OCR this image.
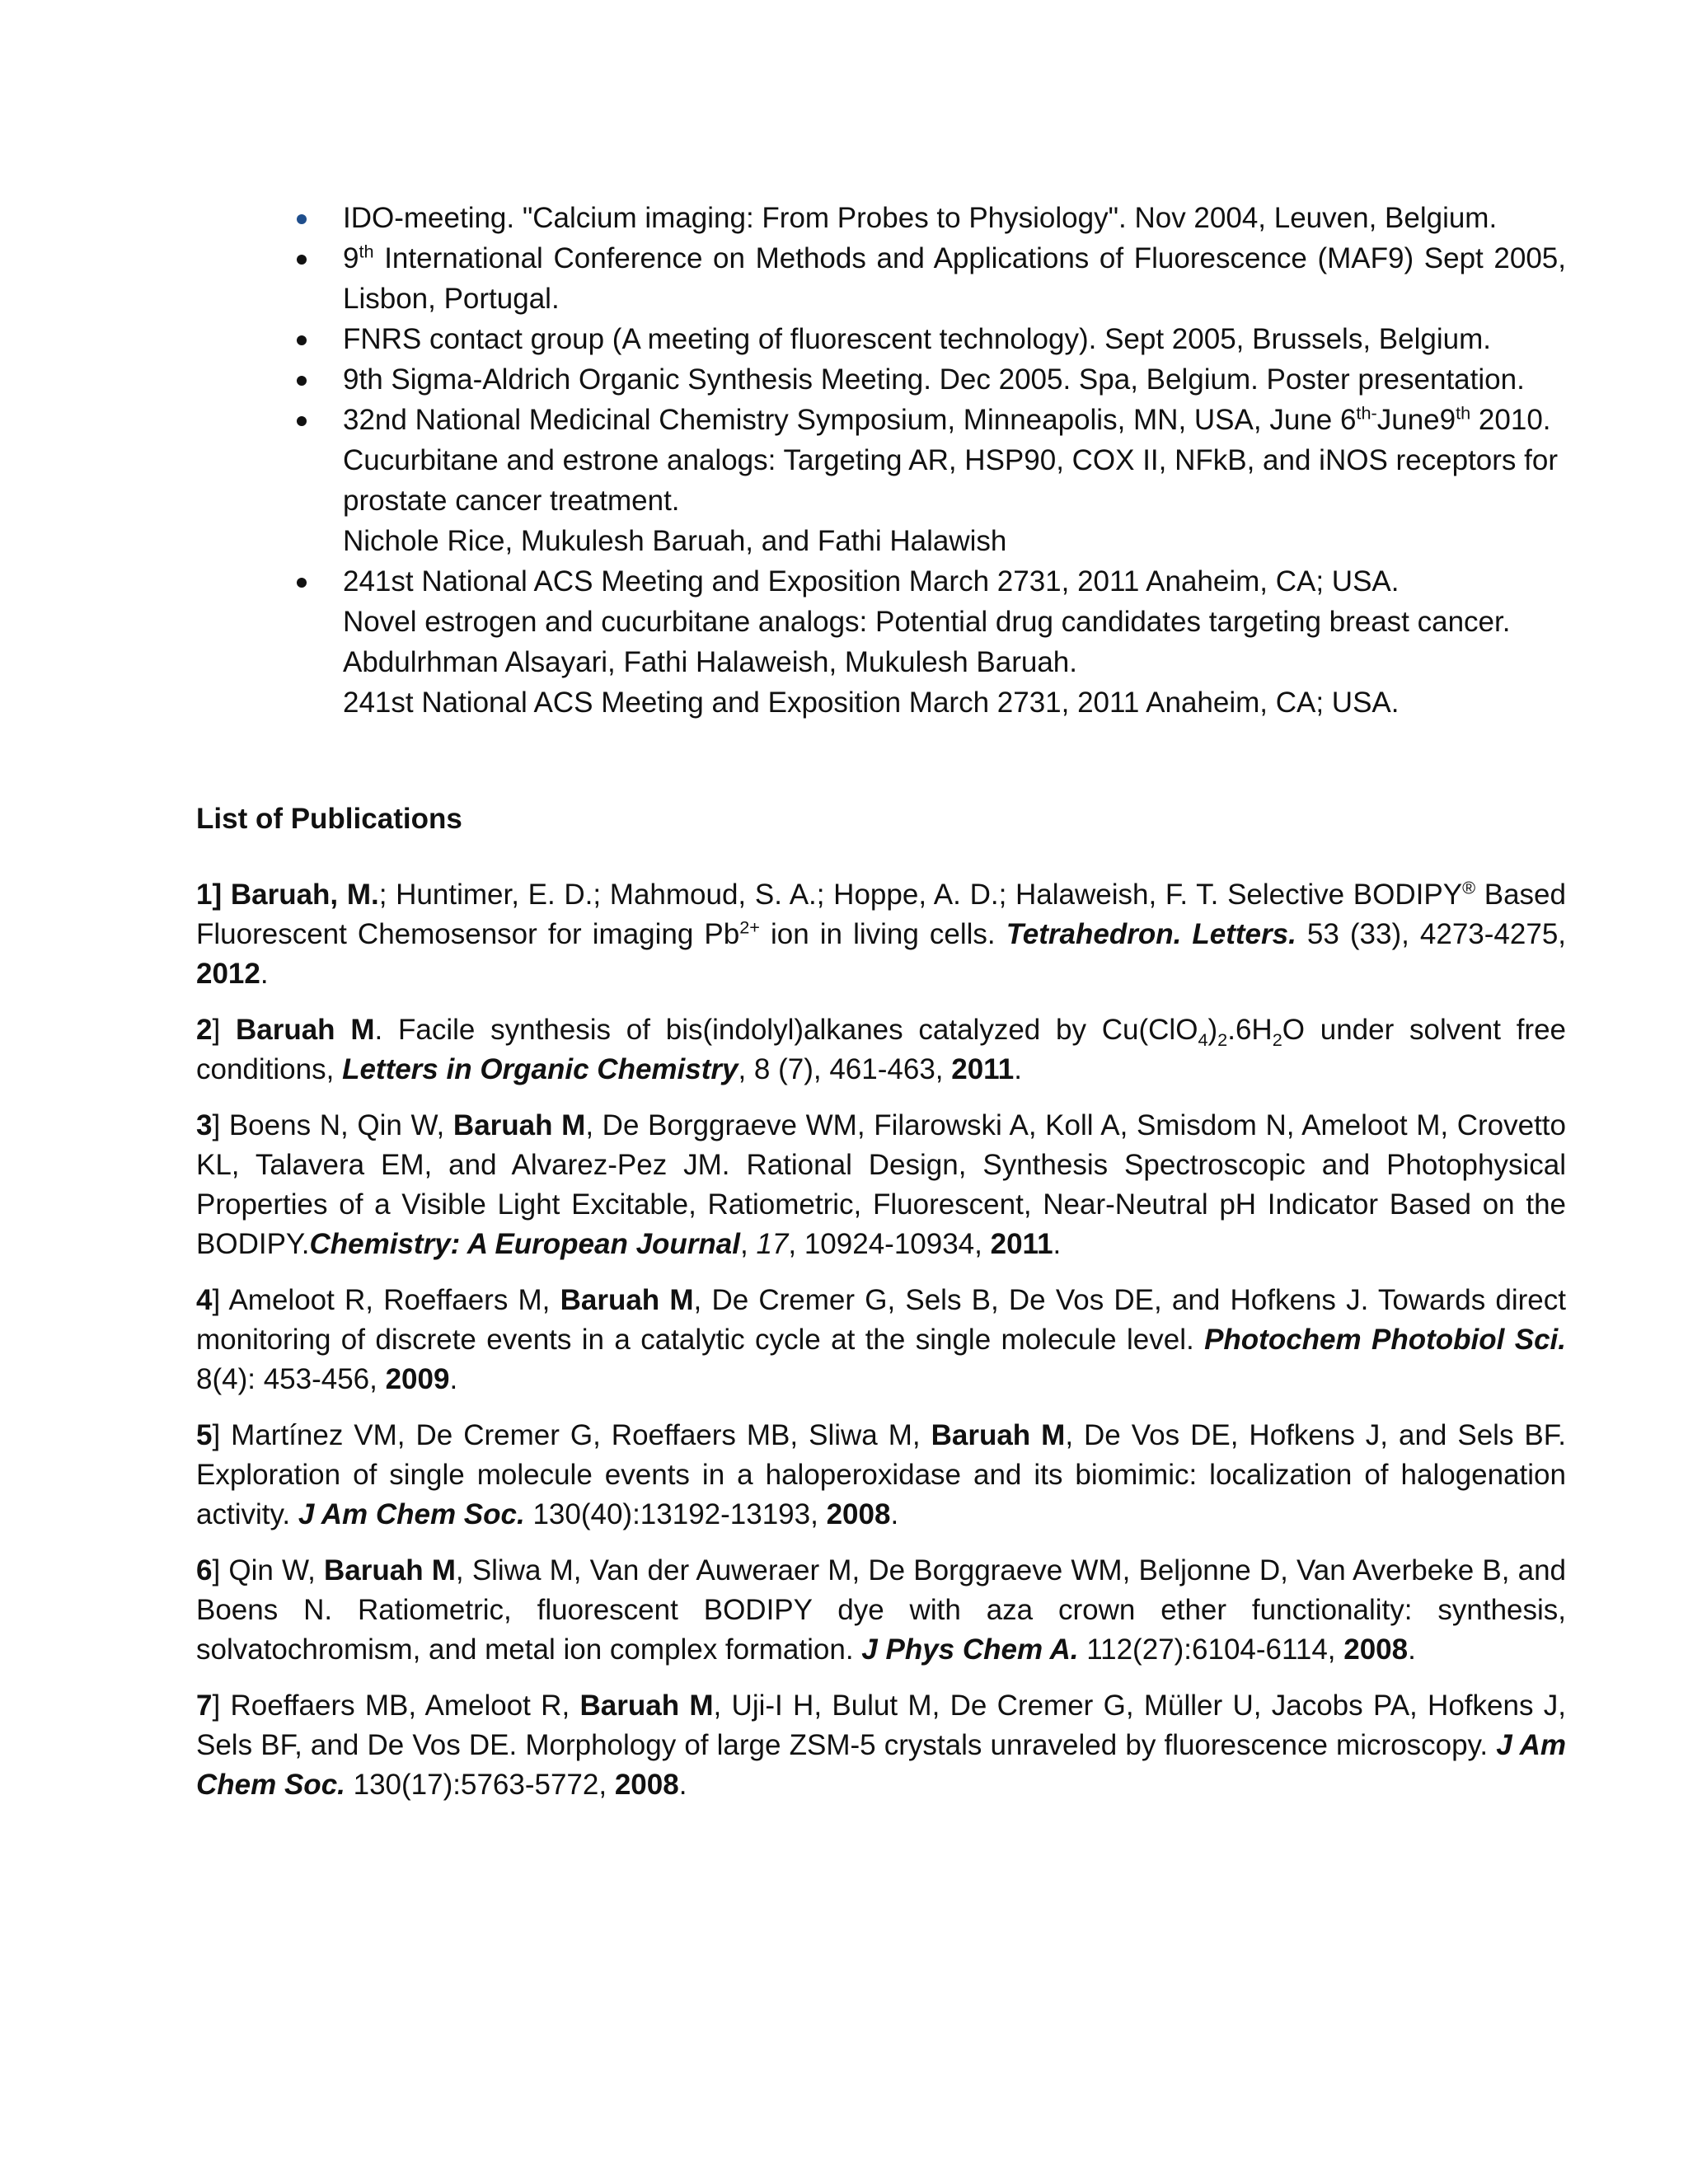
IDO-meeting. "Calcium imaging: From Probes to Physiology". Nov 2004, Leuven, Belgium.
9th International Conference on Methods and Applications of Fluorescence (MAF9) Sept 2005, Lisbon, Portugal.
FNRS contact group (A meeting of fluorescent technology). Sept 2005, Brussels, Belgium.
9th Sigma-Aldrich Organic Synthesis Meeting. Dec 2005. Spa, Belgium. Poster presentation.
32nd National Medicinal Chemistry Symposium, Minneapolis, MN, USA, June $6^{th-}June9th$ 2010.
Cucurbitane and estrone analogs: Targeting AR, HSP90, COX II, NFkB, and iNOS receptors for prostate cancer treatment.
Nichole Rice, Mukulesh Baruah, and Fathi Halawish
241st National ACS Meeting and Exposition March 2731, 2011 Anaheim, CA; USA.
Novel estrogen and cucurbitane analogs: Potential drug candidates targeting breast cancer.
Abdulrhman Alsayari, Fathi Halaweish, Mukulesh Baruah.
241st National ACS Meeting and Exposition March 2731, 2011 Anaheim, CA; USA.
List of Publications

1] Baruah, M.; Huntimer, E. D.; Mahmoud, S. A.; Hoppe, A. D.; Halaweish, F. T. Selective BODIPY® Based Fluorescent Chemosensor for imaging $Pb^{2+}$ ion in living cells. Tetrahedron. Letters. 53 (33), 4273-4275, 2012.

2] Baruah M. Facile synthesis of bis(indolyl)alkanes catalyzed by $Cu(ClO_4)_2.6H_2O$ under solvent free conditions, Letters in Organic Chemistry, 8 (7), 461-463, 2011.

3] Boens N, Qin W, Baruah M, De Borggraeve WM, Filarowski A, Koll A, Smisdom N, Ameloot M, Crovetto KL, Talavera EM, and Alvarez-Pez JM. Rational Design, Synthesis Spectroscopic and Photophysical Properties of a Visible Light Excitable, Ratiometric, Fluorescent, Near-Neutral pH Indicator Based on the BODIPY.Chemistry: A European Journal, 17, 10924-10934, 2011.

4] Ameloot R, Roeffaers M, Baruah M, De Cremer G, Sels B, De Vos DE, and Hofkens J. Towards direct monitoring of discrete events in a catalytic cycle at the single molecule level. Photochem Photobiol Sci. 8(4): 453-456, 2009.

5] Martínez VM, De Cremer G, Roeffaers MB, Sliwa M, Baruah M, De Vos DE, Hofkens J, and Sels BF. Exploration of single molecule events in a haloperoxidase and its biomimic: localization of halogenation activity. J Am Chem Soc. 130(40):13192-13193, 2008.

6] Qin W, Baruah M, Sliwa M, Van der Auweraer M, De Borggraeve WM, Beljonne D, Van Averbeke B, and Boens N. Ratiometric, fluorescent BODIPY dye with aza crown ether functionality: synthesis, solvatochromism, and metal ion complex formation. J Phys Chem A. 112(27):6104-6114, 2008.

7] Roeffaers MB, Ameloot R, Baruah M, Uji-I H, Bulut M, De Cremer G, Müller U, Jacobs PA, Hofkens J, Sels BF, and De Vos DE. Morphology of large ZSM-5 crystals unraveled by fluorescence microscopy. J Am Chem Soc. 130(17):5763-5772, 2008.
